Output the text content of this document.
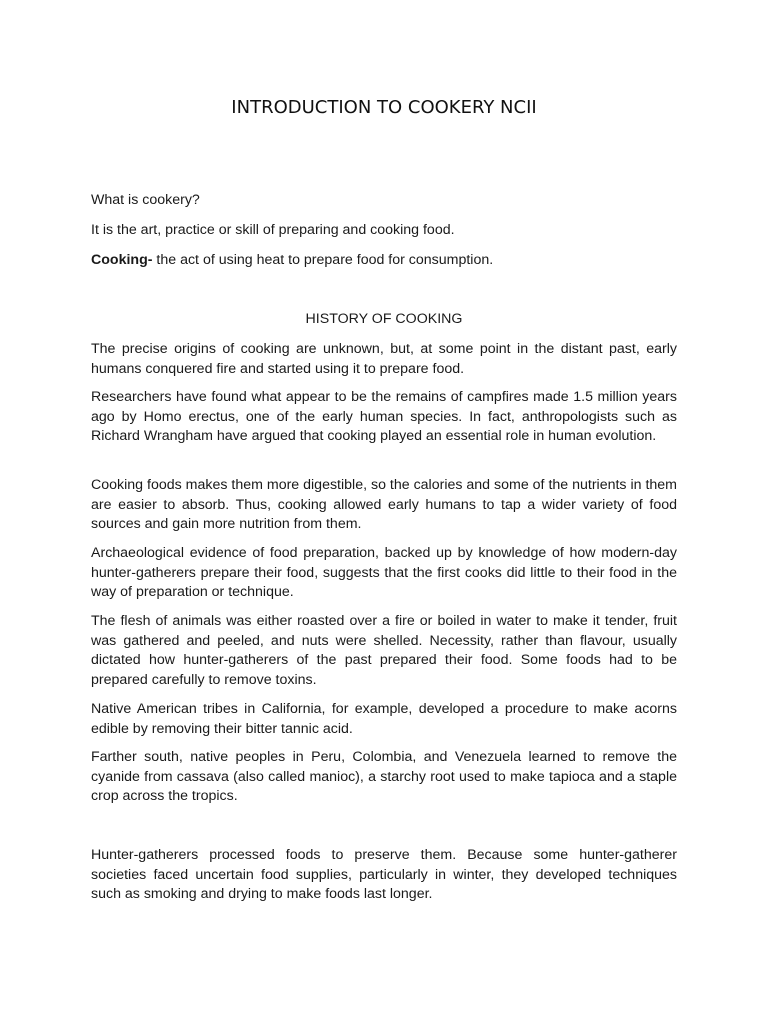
INTRODUCTION TO COOKERY NCII

What is cookery?

It is the art, practice or skill of preparing and cooking food.

Cooking- the act of using heat to prepare food for consumption.

HISTORY OF COOKING

The precise origins of cooking are unknown, but, at some point in the distant past, early humans conquered fire and started using it to prepare food.

Researchers have found what appear to be the remains of campfires made 1.5 million years ago by Homo erectus, one of the early human species. In fact, anthropologists such as Richard Wrangham have argued that cooking played an essential role in human evolution.

Cooking foods makes them more digestible, so the calories and some of the nutrients in them are easier to absorb. Thus, cooking allowed early humans to tap a wider variety of food sources and gain more nutrition from them.

Archaeological evidence of food preparation, backed up by knowledge of how modern-day hunter-gatherers prepare their food, suggests that the first cooks did little to their food in the way of preparation or technique.

The flesh of animals was either roasted over a fire or boiled in water to make it tender, fruit was gathered and peeled, and nuts were shelled. Necessity, rather than flavour, usually dictated how hunter-gatherers of the past prepared their food. Some foods had to be prepared carefully to remove toxins.

Native American tribes in California, for example, developed a procedure to make acorns edible by removing their bitter tannic acid.

Farther south, native peoples in Peru, Colombia, and Venezuela learned to remove the cyanide from cassava (also called manioc), a starchy root used to make tapioca and a staple crop across the tropics.

Hunter-gatherers processed foods to preserve them. Because some hunter-gatherer societies faced uncertain food supplies, particularly in winter, they developed techniques such as smoking and drying to make foods last longer.
